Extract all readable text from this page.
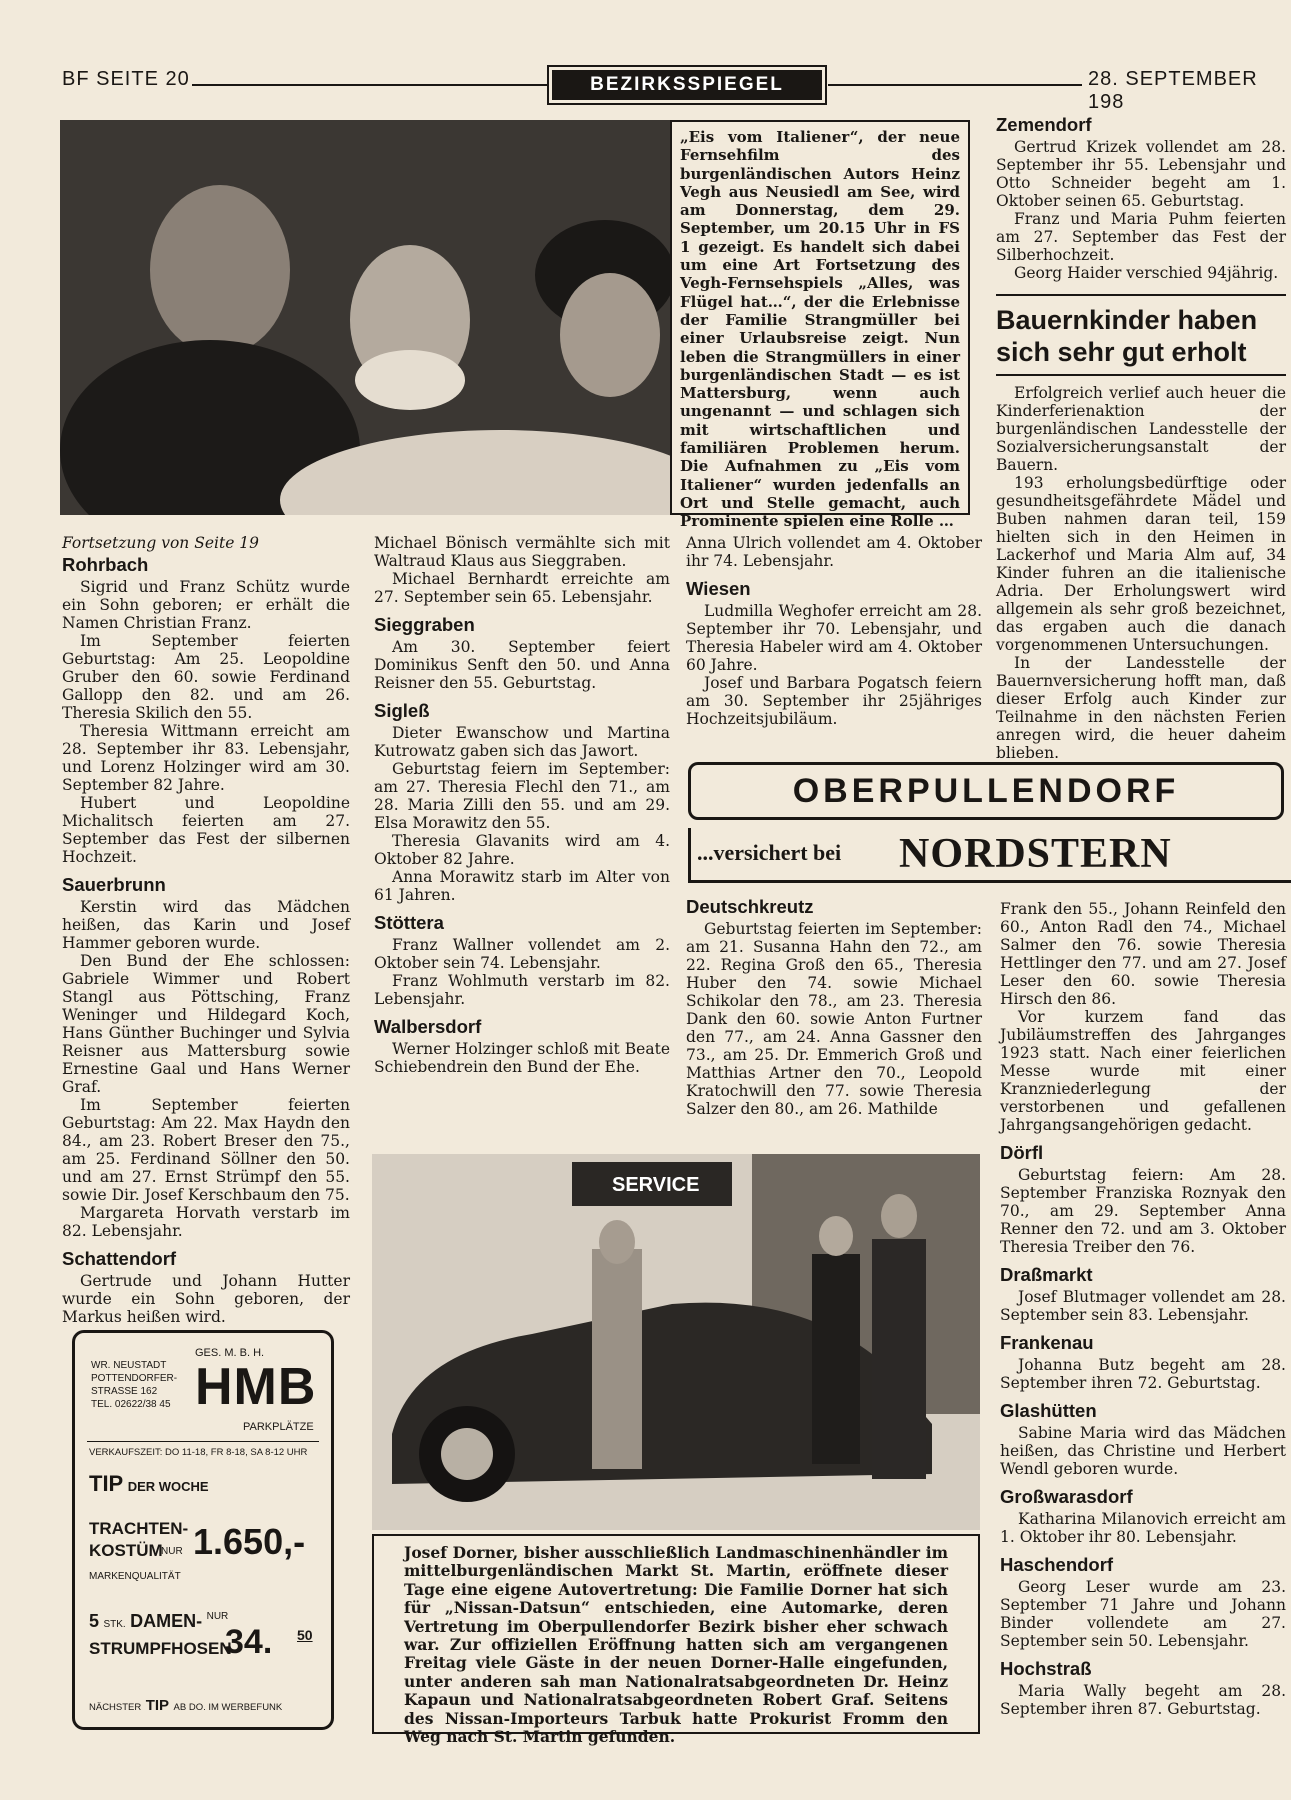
BF SEITE 20	BEZIRKSSPIEGEL	28. SEPTEMBER 198
„Eis vom Italiener“, der neue Fernsehfilm des burgenländischen Autors Heinz Vegh aus Neusiedl am See, wird am Donnerstag, dem 29. September, um 20.15 Uhr in FS 1 gezeigt. Es handelt sich dabei um eine Art Fortsetzung des Vegh-Fernsehspiels „Alles, was Flügel hat…“, der die Erlebnisse der Familie Strangmüller bei einer Urlaubsreise zeigt. Nun leben die Strangmüllers in einer burgenländischen Stadt — es ist Mattersburg, wenn auch ungenannt — und schlagen sich mit wirtschaftlichen und familiären Problemen herum. Die Aufnahmen zu „Eis vom Italiener“ wurden jedenfalls an Ort und Stelle gemacht, auch Prominente spielen eine Rolle …
Zemendorf

Gertrud Krizek vollendet am 28. September ihr 55. Lebensjahr und Otto Schneider begeht am 1. Oktober seinen 65. Geburtstag.

Franz und Maria Puhm feierten am 27. September das Fest der Silberhochzeit.

Georg Haider verschied 94jährig.

Bauernkinder haben sich sehr gut erholt

Erfolgreich verlief auch heuer die Kinderferienaktion der burgenländischen Landesstelle der Sozialversicherungsanstalt der Bauern.

193 erholungsbedürftige oder gesundheitsgefährdete Mädel und Buben nahmen daran teil, 159 hielten sich in den Heimen in Lackerhof und Maria Alm auf, 34 Kinder fuhren an die italienische Adria. Der Erholungswert wird allgemein als sehr groß bezeichnet, das ergaben auch die danach vorgenommenen Untersuchungen.

In der Landesstelle der Bauernversicherung hofft man, daß dieser Erfolg auch Kinder zur Teilnahme in den nächsten Ferien anregen wird, die heuer daheim blieben.

Fortsetzung von Seite 19
Rohrbach

Sigrid und Franz Schütz wurde ein Sohn geboren; er erhält die Namen Christian Franz.

Im September feierten Geburtstag: Am 25. Leopoldine Gruber den 60. sowie Ferdinand Gallopp den 82. und am 26. Theresia Skilich den 55.

Theresia Wittmann erreicht am 28. September ihr 83. Lebensjahr, und Lorenz Holzinger wird am 30. September 82 Jahre.

Hubert und Leopoldine Michalitsch feierten am 27. September das Fest der silbernen Hochzeit.

Sauerbrunn

Kerstin wird das Mädchen heißen, das Karin und Josef Hammer geboren wurde.

Den Bund der Ehe schlossen: Gabriele Wimmer und Robert Stangl aus Pöttsching, Franz Weninger und Hildegard Koch, Hans Günther Buchinger und Sylvia Reisner aus Mattersburg sowie Ernestine Gaal und Hans Werner Graf.

Im September feierten Geburtstag: Am 22. Max Haydn den 84., am 23. Robert Breser den 75., am 25. Ferdinand Söllner den 50. und am 27. Ernst Strümpf den 55. sowie Dir. Josef Kerschbaum den 75.

Margareta Horvath verstarb im 82. Lebensjahr.

Schattendorf

Gertrude und Johann Hutter wurde ein Sohn geboren, der Markus heißen wird.

Michael Bönisch vermählte sich mit Waltraud Klaus aus Sieggraben.

Michael Bernhardt erreichte am 27. September sein 65. Lebensjahr.

Sieggraben

Am 30. September feiert Dominikus Senft den 50. und Anna Reisner den 55. Geburtstag.

Sigleß

Dieter Ewanschow und Martina Kutrowatz gaben sich das Jawort.

Geburtstag feiern im September: am 27. Theresia Flechl den 71., am 28. Maria Zilli den 55. und am 29. Elsa Morawitz den 55.

Theresia Glavanits wird am 4. Oktober 82 Jahre.

Anna Morawitz starb im Alter von 61 Jahren.

Stöttera

Franz Wallner vollendet am 2. Oktober sein 74. Lebensjahr.

Franz Wohlmuth verstarb im 82. Lebensjahr.

Walbersdorf

Werner Holzinger schloß mit Beate Schiebendrein den Bund der Ehe.

Anna Ulrich vollendet am 4. Oktober ihr 74. Lebensjahr.

Wiesen

Ludmilla Weghofer erreicht am 28. September ihr 70. Lebensjahr, und Theresia Habeler wird am 4. Oktober 60 Jahre.

Josef und Barbara Pogatsch feiern am 30. September ihr 25jähriges Hochzeitsjubiläum.

OBERPULLENDORF
...versichert bei NORDSTERN
Deutschkreutz

Geburtstag feierten im September: am 21. Susanna Hahn den 72., am 22. Regina Groß den 65., Theresia Huber den 74. sowie Michael Schikolar den 78., am 23. Theresia Dank den 60. sowie Anton Furtner den 77., am 24. Anna Gassner den 73., am 25. Dr. Emmerich Groß und Matthias Artner den 70., Leopold Kratochwill den 77. sowie Theresia Salzer den 80., am 26. Mathilde

Frank den 55., Johann Reinfeld den 60., Anton Radl den 74., Michael Salmer den 76. sowie Theresia Hettlinger den 77. und am 27. Josef Leser den 60. sowie Theresia Hirsch den 86.

Vor kurzem fand das Jubiläumstreffen des Jahrganges 1923 statt. Nach einer feierlichen Messe wurde mit einer Kranzniederlegung der verstorbenen und gefallenen Jahrgangsangehörigen gedacht.

Dörfl

Geburtstag feiern: Am 28. September Franziska Roznyak den 70., am 29. September Anna Renner den 72. und am 3. Oktober Theresia Treiber den 76.

Draßmarkt

Josef Blutmager vollendet am 28. September sein 83. Lebensjahr.

Frankenau

Johanna Butz begeht am 28. September ihren 72. Geburtstag.

Glashütten

Sabine Maria wird das Mädchen heißen, das Christine und Herbert Wendl geboren wurde.

Großwarasdorf

Katharina Milanovich erreicht am 1. Oktober ihr 80. Lebensjahr.

Haschendorf

Georg Leser wurde am 23. September 71 Jahre und Johann Binder vollendete am 27. September sein 50. Lebensjahr.

Hochstraß

Maria Wally begeht am 28. September ihren 87. Geburtstag.

SERVICE
Josef Dorner, bisher ausschließlich Landmaschinenhändler im mittelburgenländischen Markt St. Martin, eröffnete dieser Tage eine eigene Autovertretung: Die Familie Dorner hat sich für „Nissan-Datsun“ entschieden, eine Automarke, deren Vertretung im Oberpullendorfer Bezirk bisher eher schwach war. Zur offiziellen Eröffnung hatten sich am vergangenen Freitag viele Gäste in der neuen Dorner-Halle eingefunden, unter anderen sah man Nationalratsabgeordneten Dr. Heinz Kapaun und Nationalratsabgeordneten Robert Graf. Seitens des Nissan-Importeurs Tarbuk hatte Prokurist Fromm den Weg nach St. Martin gefunden.
GES. M. B. H.
HMB
WR. NEUSTADT
POTTENDORFER-
STRASSE 162
TEL. 02622/38 45
PARKPLÄTZE
VERKAUFSZEIT: DO 11-18, FR 8-18, SA 8-12 UHR
TIP DER WOCHE
TRACHTEN-
KOSTÜM
NUR 1.650,-
MARKENQUALITÄT
5 STK. DAMEN- $^{NUR}$
STRUMPFHOSEN
34. 50
NÄCHSTER TIP AB DO. IM WERBEFUNK
